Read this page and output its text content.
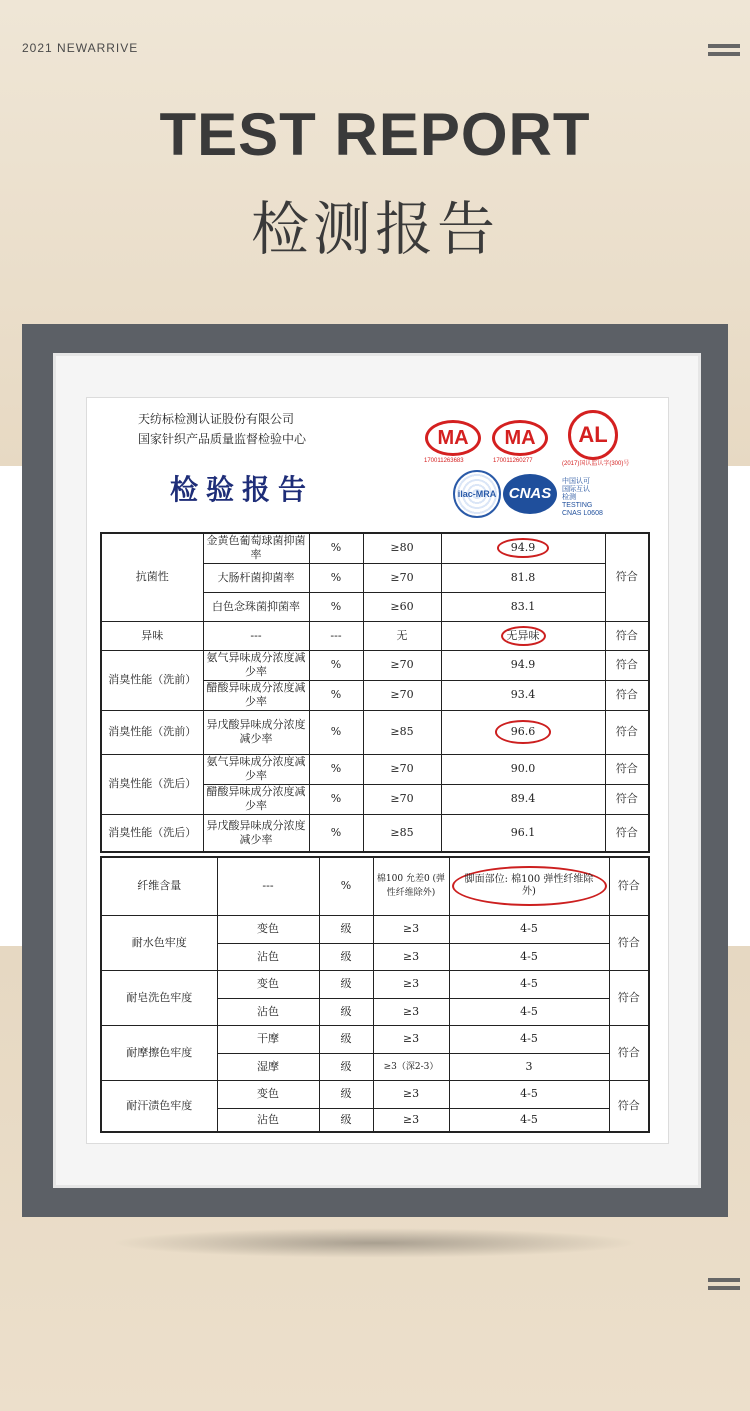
2021 NEWARRIVE
TEST REPORT
检测报告
天纺标检测认证股份有限公司
国家针织产品质量监督检验中心
检验报告
MA	MA
170011263683	170011260277
AL
(2017)国认监认字(300)号
ilac-MRA CNAS
中国认可
国际互认
检测
TESTING
CNAS L0608
抗菌性	金黄色葡萄球菌抑菌率	%	≥80	94.9	符合
	大肠杆菌抑菌率	%	≥70	81.8	
	白色念珠菌抑菌率	%	≥60	83.1	
异味	---	---	无	无异味	符合
消臭性能（洗前）	氨气异味成分浓度减少率	%	≥70	94.9	符合
	醋酸异味成分浓度减少率	%	≥70	93.4	符合
消臭性能（洗前）	异戊酸异味成分浓度减少率	%	≥85	96.6	符合
消臭性能（洗后）	氨气异味成分浓度减少率	%	≥70	90.0	符合
	醋酸异味成分浓度减少率	%	≥70	89.4	符合
消臭性能（洗后）	异戊酸异味成分浓度减少率	%	≥85	96.1	符合
纤维含量	---	%	棉100 允差0 (弹性纤维除外)	脚面部位: 棉100 弹性纤维除外)	符合
耐水色牢度	变色	级	≥3	4-5	符合
	沾色	级	≥3	4-5	
耐皂洗色牢度	变色	级	≥3	4-5	符合
	沾色	级	≥3	4-5	
耐摩擦色牢度	干摩	级	≥3	4-5	符合
	湿摩	级	≥3（深2-3）	3	
耐汗渍色牢度	变色	级	≥3	4-5	符合
	沾色	级	≥3	4-5	
